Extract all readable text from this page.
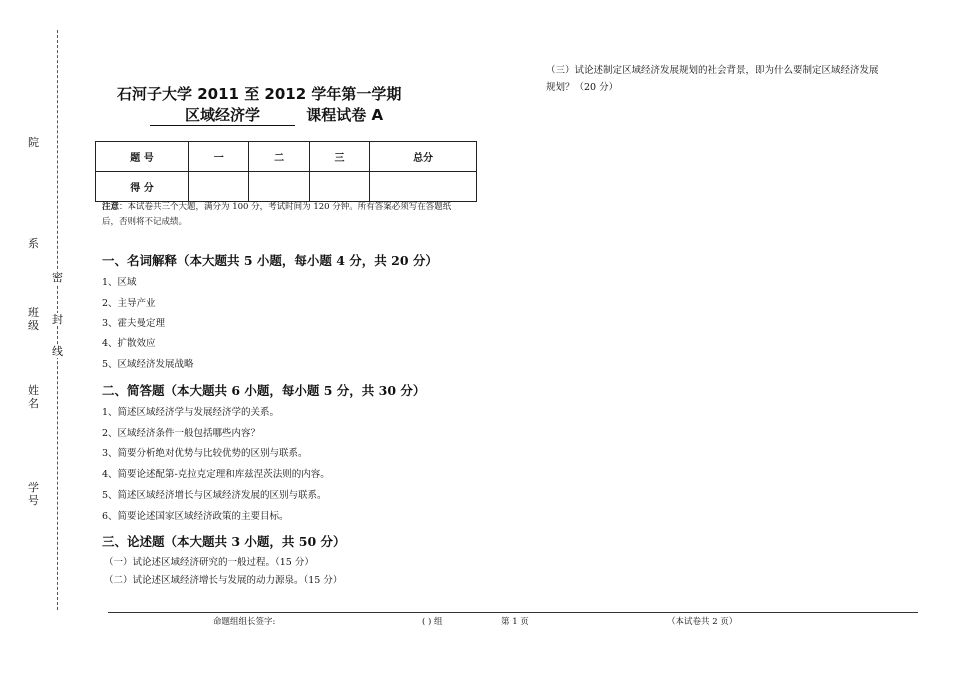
院
系
班级
姓名
学号
密
封
线
石河子大学 2011 至 2012 学年第一学期
区域经济学	课程试卷 A
题 号	一	二	三	总分
得 分				
注意：本试卷共三个大题，满分为 100 分，考试时间为 120 分钟。所有答案必须写在答题纸
后，否则将不记成绩。
一、名词解释（本大题共 5 小题，每小题 4 分，共 20 分）
1、区域
2、主导产业
3、霍夫曼定理
4、扩散效应
5、区域经济发展战略
二、简答题（本大题共 6 小题，每小题 5 分，共 30 分）
1、简述区域经济学与发展经济学的关系。
2、区域经济条件一般包括哪些内容？
3、简要分析绝对优势与比较优势的区别与联系。
4、简要论述配第-克拉克定理和库兹涅茨法则的内容。
5、简述区域经济增长与区域经济发展的区别与联系。
6、简要论述国家区域经济政策的主要目标。
三、论述题（本大题共 3 小题，共 50 分）
（一）试论述区域经济研究的一般过程。（15 分）
（二）试论述区域经济增长与发展的动力源泉。（15 分）
（三）试论述制定区域经济发展规划的社会背景，即为什么要制定区域经济发展
规划？（20 分）
命题组组长签字:	( ) 组	第 1 页	（本试卷共 2 页）
